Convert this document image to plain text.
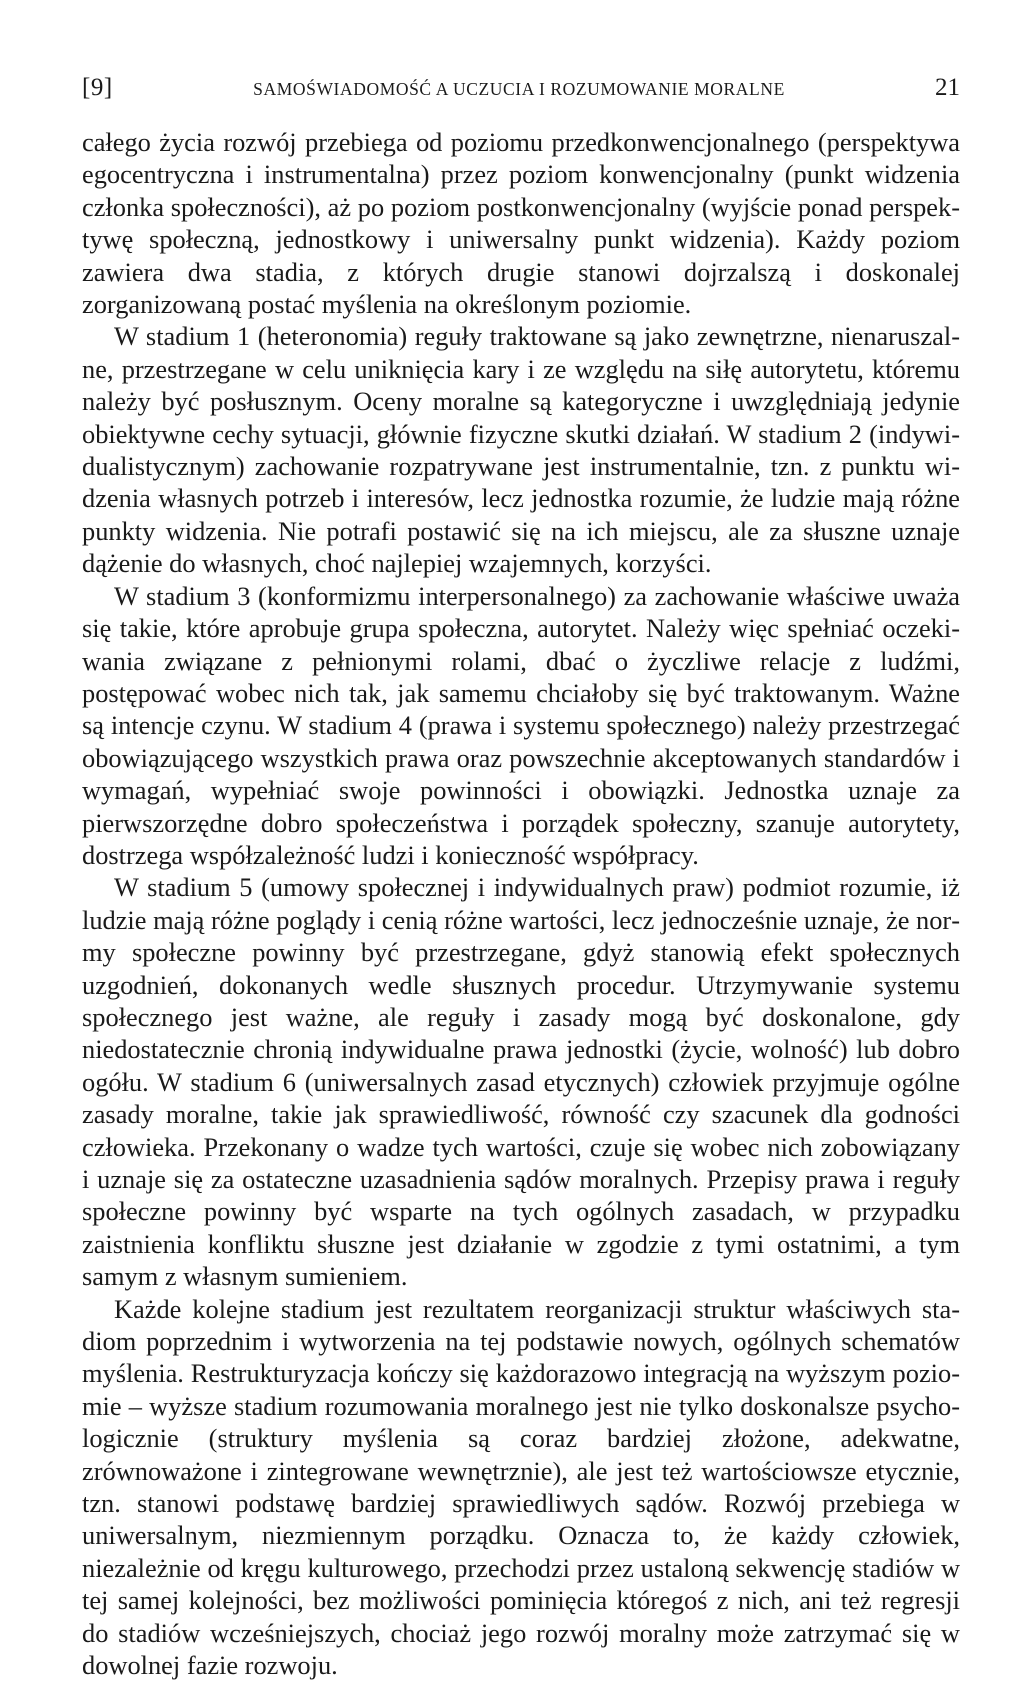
[9]	SAMOŚWIADOMOŚĆ A UCZUCIA I ROZUMOWANIE MORALNE	21

całego życia rozwój przebiega od poziomu przedkonwencjonalnego (perspektywa egocentryczna i instrumentalna) przez poziom konwencjonalny (punkt widzenia członka społeczności), aż po poziom postkonwencjonalny (wyjście ponad perspektywę społeczną, jednostkowy i uniwersalny punkt widzenia). Każdy poziom zawiera dwa stadia, z których drugie stanowi dojrzalszą i doskonalej zorganizowaną postać myślenia na określonym poziomie.

W stadium 1 (heteronomia) reguły traktowane są jako zewnętrzne, nienaruszalne, przestrzegane w celu uniknięcia kary i ze względu na siłę autorytetu, któremu należy być posłusznym. Oceny moralne są kategoryczne i uwzględniają jedynie obiektywne cechy sytuacji, głównie fizyczne skutki działań. W stadium 2 (indywidualistycznym) zachowanie rozpatrywane jest instrumentalnie, tzn. z punktu widzenia własnych potrzeb i interesów, lecz jednostka rozumie, że ludzie mają różne punkty widzenia. Nie potrafi postawić się na ich miejscu, ale za słuszne uznaje dążenie do własnych, choć najlepiej wzajemnych, korzyści.

W stadium 3 (konformizmu interpersonalnego) za zachowanie właściwe uważa się takie, które aprobuje grupa społeczna, autorytet. Należy więc spełniać oczekiwania związane z pełnionymi rolami, dbać o życzliwe relacje z ludźmi, postępować wobec nich tak, jak samemu chciałoby się być traktowanym. Ważne są intencje czynu. W stadium 4 (prawa i systemu społecznego) należy przestrzegać obowiązującego wszystkich prawa oraz powszechnie akceptowanych standardów i wymagań, wypełniać swoje powinności i obowiązki. Jednostka uznaje za pierwszorzędne dobro społeczeństwa i porządek społeczny, szanuje autorytety, dostrzega współzależność ludzi i konieczność współpracy.

W stadium 5 (umowy społecznej i indywidualnych praw) podmiot rozumie, iż ludzie mają różne poglądy i cenią różne wartości, lecz jednocześnie uznaje, że normy społeczne powinny być przestrzegane, gdyż stanowią efekt społecznych uzgodnień, dokonanych wedle słusznych procedur. Utrzymywanie systemu społecznego jest ważne, ale reguły i zasady mogą być doskonalone, gdy niedostatecznie chronią indywidualne prawa jednostki (życie, wolność) lub dobro ogółu. W stadium 6 (uniwersalnych zasad etycznych) człowiek przyjmuje ogólne zasady moralne, takie jak sprawiedliwość, równość czy szacunek dla godności człowieka. Przekonany o wadze tych wartości, czuje się wobec nich zobowiązany i uznaje się za ostateczne uzasadnienia sądów moralnych. Przepisy prawa i reguły społeczne powinny być wsparte na tych ogólnych zasadach, w przypadku zaistnienia konfliktu słuszne jest działanie w zgodzie z tymi ostatnimi, a tym samym z własnym sumieniem.

Każde kolejne stadium jest rezultatem reorganizacji struktur właściwych stadiom poprzednim i wytworzenia na tej podstawie nowych, ogólnych schematów myślenia. Restrukturyzacja kończy się każdorazowo integracją na wyższym poziomie – wyższe stadium rozumowania moralnego jest nie tylko doskonalsze psychologicznie (struktury myślenia są coraz bardziej złożone, adekwatne, zrównoważone i zintegrowane wewnętrznie), ale jest też wartościowsze etycznie, tzn. stanowi podstawę bardziej sprawiedliwych sądów. Rozwój przebiega w uniwersalnym, niezmiennym porządku. Oznacza to, że każdy człowiek, niezależnie od kręgu kulturowego, przechodzi przez ustaloną sekwencję stadiów w tej samej kolejności, bez możliwości pominięcia któregoś z nich, ani też regresji do stadiów wcześniejszych, chociaż jego rozwój moralny może zatrzymać się w dowolnej fazie rozwoju.
